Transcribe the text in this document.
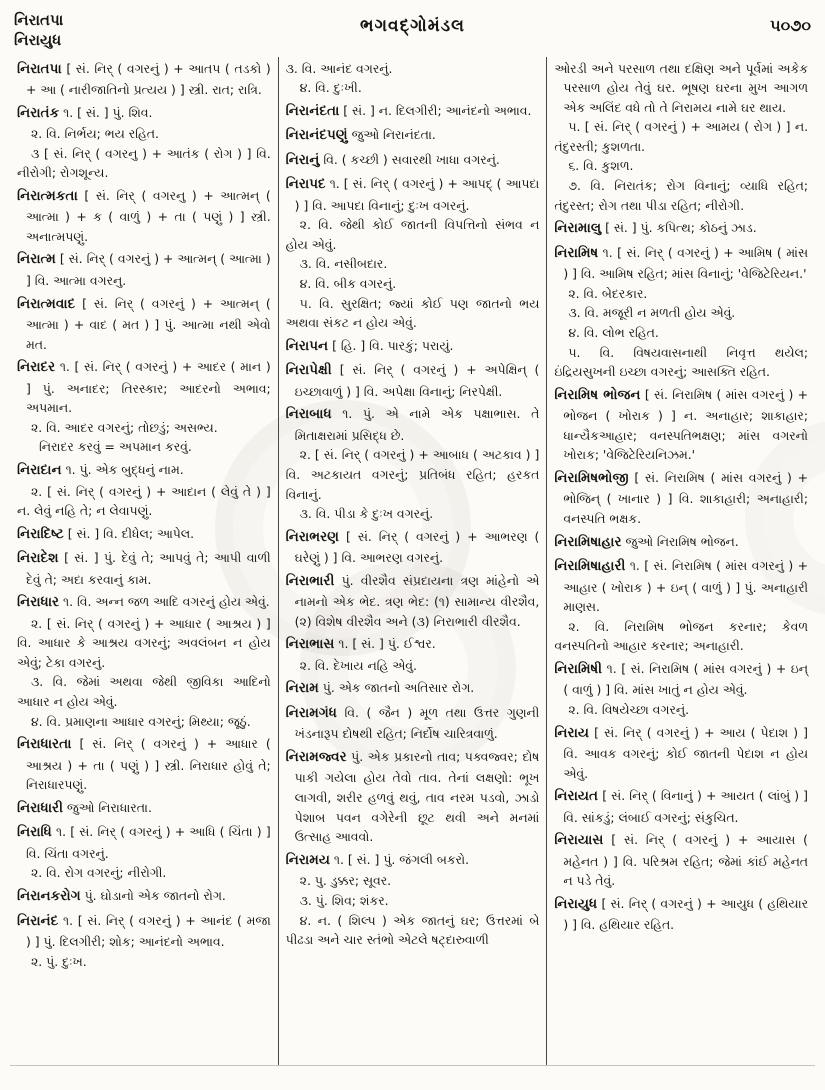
નિરાતપા
નિરાયુધ
ભગવદ્ગોમંડલ	૫૦૭૦

નિરાતપા [ સં. નિર્ ( વગરનું ) + આતપ ( તડકો ) + આ ( નારીજાતિનો પ્રત્યય ) ] સ્ત્રી. રાત; રાત્રિ.

નિરાતંક ૧. [ સં. ] પું. શિવ.

૨. વિ. નિર્ભય; ભય રહિત.

૩ [ સં. નિર્ ( વગરનુ ) + આતંક ( રોગ ) ] વિ. નીરોગી; રોગશૂન્ય.

નિરાત્મકતા [ સં. નિર્ ( વગરનુ ) + આત્મન્ ( આત્મા ) + ક ( વાળું ) + તા ( પણું ) ] સ્ત્રી. અનાત્મપણું.

નિરાત્મ [ સં. નિર્ ( વગરનું ) + આત્મન્ ( આત્મા ) ] વિ. આત્મા વગરનુ.

નિરાત્મવાદ [ સં. નિર્ ( વગરનું ) + આત્મન્ ( આત્મા ) + વાદ ( મત ) ] પું. આત્મા નથી એવો મત.

નિરાદર ૧. [ સં. નિર્ ( વગરનું ) + આદર ( માન ) ] પું. અનાદર; તિરસ્કાર; આદરનો અભાવ; અપમાન.

૨. વિ. આદર વગરનું; તોછડું; અસભ્ય.

નિરાદર કરવું = અપમાન કરવું.

નિરાદાન ૧. પું. એક બુદ્ધનું નામ.

૨. [ સં. નિર્ ( વગરનું ) + આદાન ( લેવું તે ) ] ન. લેવું નહિ તે; ન લેવાપણું.

નિરાદિષ્ટ [ સં. ] વિ. દીધેલ; આપેલ.

નિરાદેશ [ સં. ] પું. દેવું તે; આપવું તે; આપી વાળી દેવું તે; અદા કરવાનું કામ.

નિરાધાર ૧. વિ. અન્ન જળ આદિ વગરનું હોય એવું.

૨. [ સં. નિર્ ( વગરનું ) + આધાર ( આશ્રય ) ] વિ. આધાર કે આશ્રય વગરનું; અવલંબન ન હોય એવું; ટેકા વગરનું.

૩. વિ. જેમાં અથવા જેથી જીવિકા આદિનો આધાર ન હોય એવું.

૪. વિ. પ્રમાણના આધાર વગરનું; મિથ્યા; જૂઠું.

નિરાધારતા [ સં. નિર્ ( વગરનું ) + આધાર ( આશ્રય ) + તા ( પણું ) ] સ્ત્રી. નિરાધાર હોવું તે; નિરાધારપણું.

નિરાધારી જુઓ નિરાધારતા.

નિરાધિ ૧. [ સં. નિર્ ( વગરનું ) + આધિ ( ચિંતા ) ] વિ. ચિંતા વગરનું.

૨. વિ. રોગ વગરનું; નીરોગી.

નિરાનકરોગ પું. ઘોડાનો એક જાતનો રોગ.

નિરાનંદ ૧. [ સં. નિર્ ( વગરનું ) + આનંદ ( મજા ) ] પું. દિલગીરી; શોક; આનંદનો અભાવ.

૨. પું. દુઃખ.

૩. વિ. આનંદ વગરનું.

૪. વિ. દુઃખી.

નિરાનંદતા [ સં. ] ન. દિલગીરી; આનંદનો અભાવ.

નિરાનંદપણું જુઓ નિરાનંદતા.

નિરાનું વિ. ( કચ્છી ) સવારથી ખાધા વગરનું.

નિરાપદ ૧. [ સં. નિર્ ( વગરનું ) + આપદ્ ( આપદા ) ] વિ. આપદા વિનાનું; દુઃખ વગરનું.

૨. વિ. જેથી કોઈ જાતની વિપત્તિનો સંભવ ન હોય એવું.

૩. વિ. નસીબદાર.

૪. વિ. બીક વગરનું.

૫. વિ. સુરક્ષિત; જ્યાં કોઈ પણ જાતનો ભય અથવા સંકટ ન હોય એવું.

નિરાપન [ હિ. ] વિ. પારકું; પરાયું.

નિરાપેક્ષી [ સં. નિર્ ( વગરનું ) + અપેક્ષિન્ ( ઇચ્છાવાળું ) ] વિ. અપેક્ષા વિનાનું; નિરપેક્ષી.

નિરાબાધ ૧. પું. એ નામે એક પક્ષાભાસ. તે મિતાક્ષરામાં પ્રસિદ્ધ છે.

૨. [ સં. નિર્ ( વગરનું ) + આબાધ ( અટકાવ ) ] વિ. અટકાયત વગરનું; પ્રતિબંધ રહિત; હરકત વિનાનું.

૩. વિ. પીડા કે દુઃખ વગરનું.

નિરાભરણ [ સં. નિર્ ( વગરનું ) + આભરણ ( ઘરેણું ) ] વિ. આભરણ વગરનું.

નિરાભારી પું. વીરશૈવ સંપ્રદાયના ત્રણ માંહેનો એ નામનો એક ભેદ. ત્રણ ભેદ: (૧) સામાન્ય વીરશૈવ, (૨) વિશેષ વીરશૈવ અને (૩) નિરાભારી વીરશૈવ.

નિરાભાસ ૧. [ સં. ] પું. ઈશ્વર.

૨. વિ. દેખાય નહિ એવું.

નિરામ પું. એક જાતનો અતિસાર રોગ.

નિરામગંધ વિ. ( જૈન ) મૂળ તથા ઉત્તર ગુણની ખંડનારૂપ દોષથી રહિત; નિર્દોષ ચારિત્રવાળું.

નિરામજ્વર પું. એક પ્રકારનો તાવ; પક્વજ્વર; દોષ પાકી ગયેલા હોય તેવો તાવ. તેનાં લક્ષણો: ભૂખ લાગવી, શરીર હળવું થવું, તાવ નરમ પડવો, ઝાડો પેશાબ પવન વગેરેની છૂટ થવી અને મનમાં ઉત્સાહ આવવો.

નિરામય ૧. [ સં. ] પું. જંગલી બકરો.

૨. પુ. ડુક્કર; સૂવર.

૩. પું. શિવ; શંકર.

૪. ન. ( શિલ્પ ) એક જાતનું ઘર; ઉત્તરમાં બે પીઢડા અને ચાર સ્તંભો એટલે ષટ્દારુવાળી

ઓરડી અને પરસાળ તથા દક્ષિણ અને પૂર્વમાં અકેક પરસાળ હોય તેવું ઘર. ભૂષણ ઘરના મુખ આગળ એક અલિંદ વધે તો તે નિરામય નામે ઘર થાય.

૫. [ સં. નિર્ ( વગરનું ) + આમય ( રોગ ) ] ન. તંદુરસ્તી; કુશળતા.

૬. વિ. કુશળ.

૭. વિ. નિરાતંક; રોગ વિનાનું; વ્યાધિ રહિત; તંદુરસ્ત; રોગ તથા પીડા રહિત; નીરોગી.

નિરામાલુ [ સં. ] પું. કપિત્થ; કોઠનું ઝાડ.

નિરામિષ ૧. [ સં. નિર્ ( વગરનું ) + આમિષ ( માંસ ) ] વિ. આમિષ રહિત; માંસ વિનાનું; 'વેજિટેરિયન.'

૨. વિ. બેદરકાર.

૩. વિ. મજૂરી ન મળતી હોય એવું.

૪. વિ. લોભ રહિત.

૫. વિ. વિષયવાસનાથી નિવૃત્ત થયેલ; ઇંદ્રિયસુખની ઇચ્છા વગરનું; આસક્તિ રહિત.

નિરામિષ ભોજન [ સં. નિરામિષ ( માંસ વગરનું ) + ભોજન ( ખોરાક ) ] ન. અનાહાર; શાકાહાર; ધાન્યૈકઆહાર; વનસ્પતિભક્ષણ; માંસ વગરનો ખોરાક; 'વેજિટેરિયનિઝમ.'

નિરામિષભોજી [ સં. નિરામિષ ( માંસ વગરનું ) + ભોજિન્ ( ખાનાર ) ] વિ. શાકાહારી; અનાહારી; વનસ્પતિ ભક્ષક.

નિરામિષાહાર જુઓ નિરામિષ ભોજન.

નિરામિષાહારી ૧. [ સં. નિરામિષ ( માંસ વગરનું ) + આહાર ( ખોરાક ) + ઇન્ ( વાળું ) ] પું. અનાહારી માણસ.

૨. વિ. નિરામિષ ભોજન કરનાર; કેવળ વનસ્પતિનો આહાર કરનાર; અનાહારી.

નિરામિષી ૧. [ સં. નિરામિષ ( માંસ વગરનું ) + ઇન્ ( વાળું ) ] વિ. માંસ ખાતું ન હોય એવું.

૨. વિ. વિષયેચ્છા વગરનું.

નિરાય [ સં. નિર્ ( વગરનું ) + આય ( પેદાશ ) ] વિ. આવક વગરનું; કોઈ જાતની પેદાશ ન હોય એવું.

નિરાયત [ સં. નિર્ ( વિનાનું ) + આયત ( લાંબું ) ] વિ. સાંકડું; લંબાઈ વગરનું; સંકુચિત.

નિરાયાસ [ સં. નિર્ ( વગરનું ) + આયાસ ( મહેનત ) ] વિ. પરિશ્રમ રહિત; જેમાં કાંઈ મહેનત ન પડે તેવું.

નિરાયુધ [ સં. નિર્ ( વગરનું ) + આયુધ ( હથિયાર ) ] વિ. હથિયાર રહિત.
